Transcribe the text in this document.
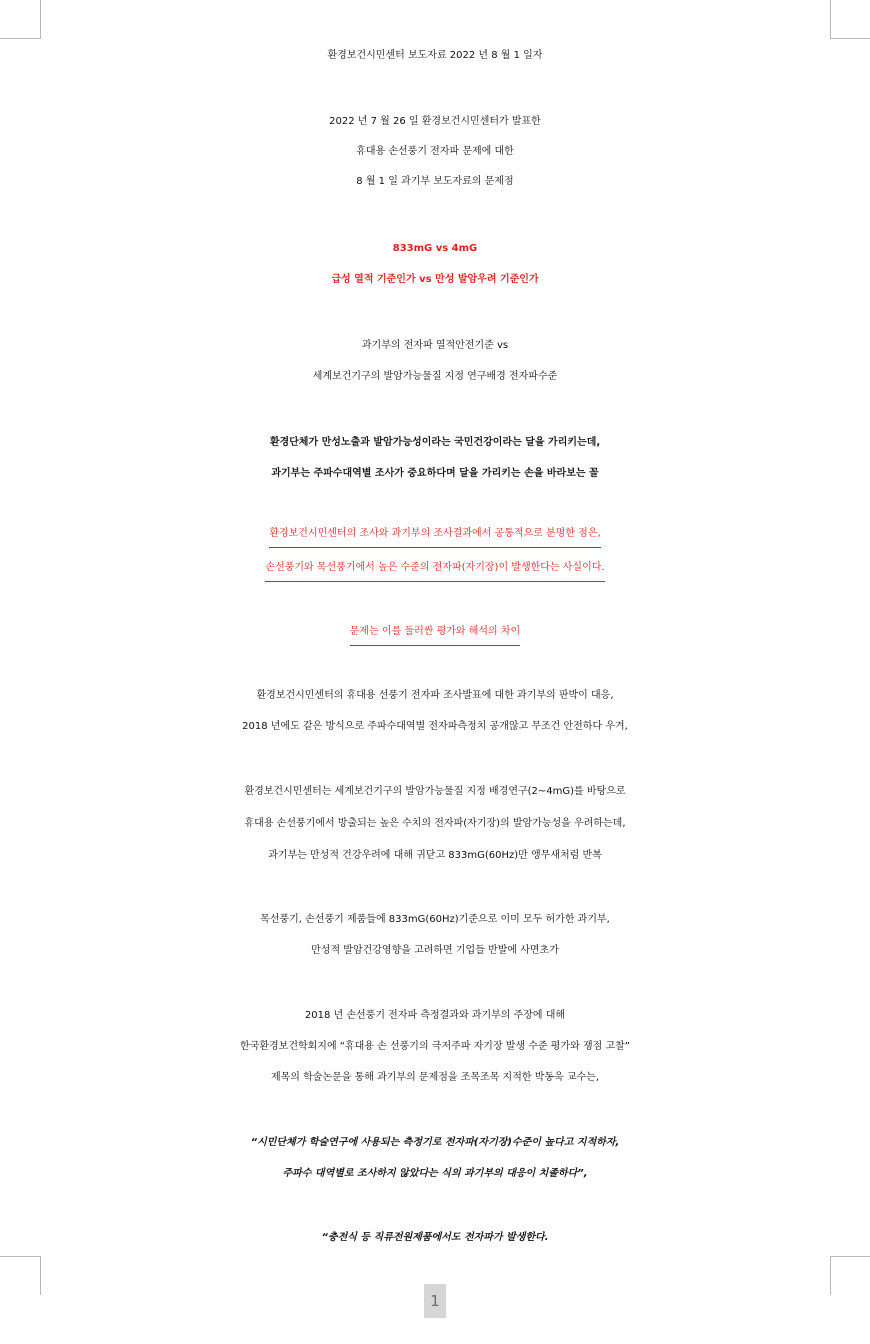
환경보건시민센터 보도자료 2022 년 8 월 1 일자
2022 년 7 월 26 일 환경보건시민센터가 발표한
휴대용 손선풍기 전자파 문제에 대한
8 월 1 일 과기부 보도자료의 문제점
833mG vs 4mG
급성 열적 기준인가 vs 만성 발암우려 기준인가
과기부의 전자파 열적안전기준 vs
세계보건기구의 발암가능물질 지정 연구배경 전자파수준
환경단체가 만성노출과 발암가능성이라는 국민건강이라는 달을 가리키는데,
과기부는 주파수대역별 조사가 중요하다며 달을 가리키는 손을 바라보는 꼴
환경보건시민센터의 조사와 과기부의 조사결과에서 공통적으로 분명한 점은,
손선풍기와 목선풍기에서 높은 수준의 전자파(자기장)이 발생한다는 사실이다.
문제는 이를 둘러싼 평가와 해석의 차이
환경보건시민센터의 휴대용 선풍기 전자파 조사발표에 대한 과기부의 판박이 대응,
2018 년에도 같은 방식으로 주파수대역별 전자파측정치 공개않고 무조건 안전하다 우겨,
환경보건시민센터는 세계보건기구의 발암가능물질 지정 배경연구(2~4mG)를 바탕으로
휴대용 손선풍기에서 방출되는 높은 수치의 전자파(자기장)의 발암가능성을 우려하는데,
과기부는 만성적 건강우려에 대해 귀닫고 833mG(60Hz)만 앵무새처럼 반복
목선풍기, 손선풍기 제품들에 833mG(60Hz)기준으로 이미 모두 허가한 과기부,
만성적 발암건강영향을 고려하면 기업들 반발에 사면초가
2018 년 손선풍기 전자파 측정결과와 과기부의 주장에 대해
한국환경보건학회지에 “휴대용 손 선풍기의 극저주파 자기장 발생 수준 평가와 쟁점 고찰”
제목의 학술논문을 통해 과기부의 문제점을 조목조목 지적한 박동욱 교수는,
“시민단체가 학술연구에 사용되는 측정기로 전자파(자기장)수준이 높다고 지적하자,
주파수 대역별로 조사하지 않았다는 식의 과기부의 대응이 치졸하다”,
“충전식 등 직류전원제품에서도 전자파가 발생한다.
1
